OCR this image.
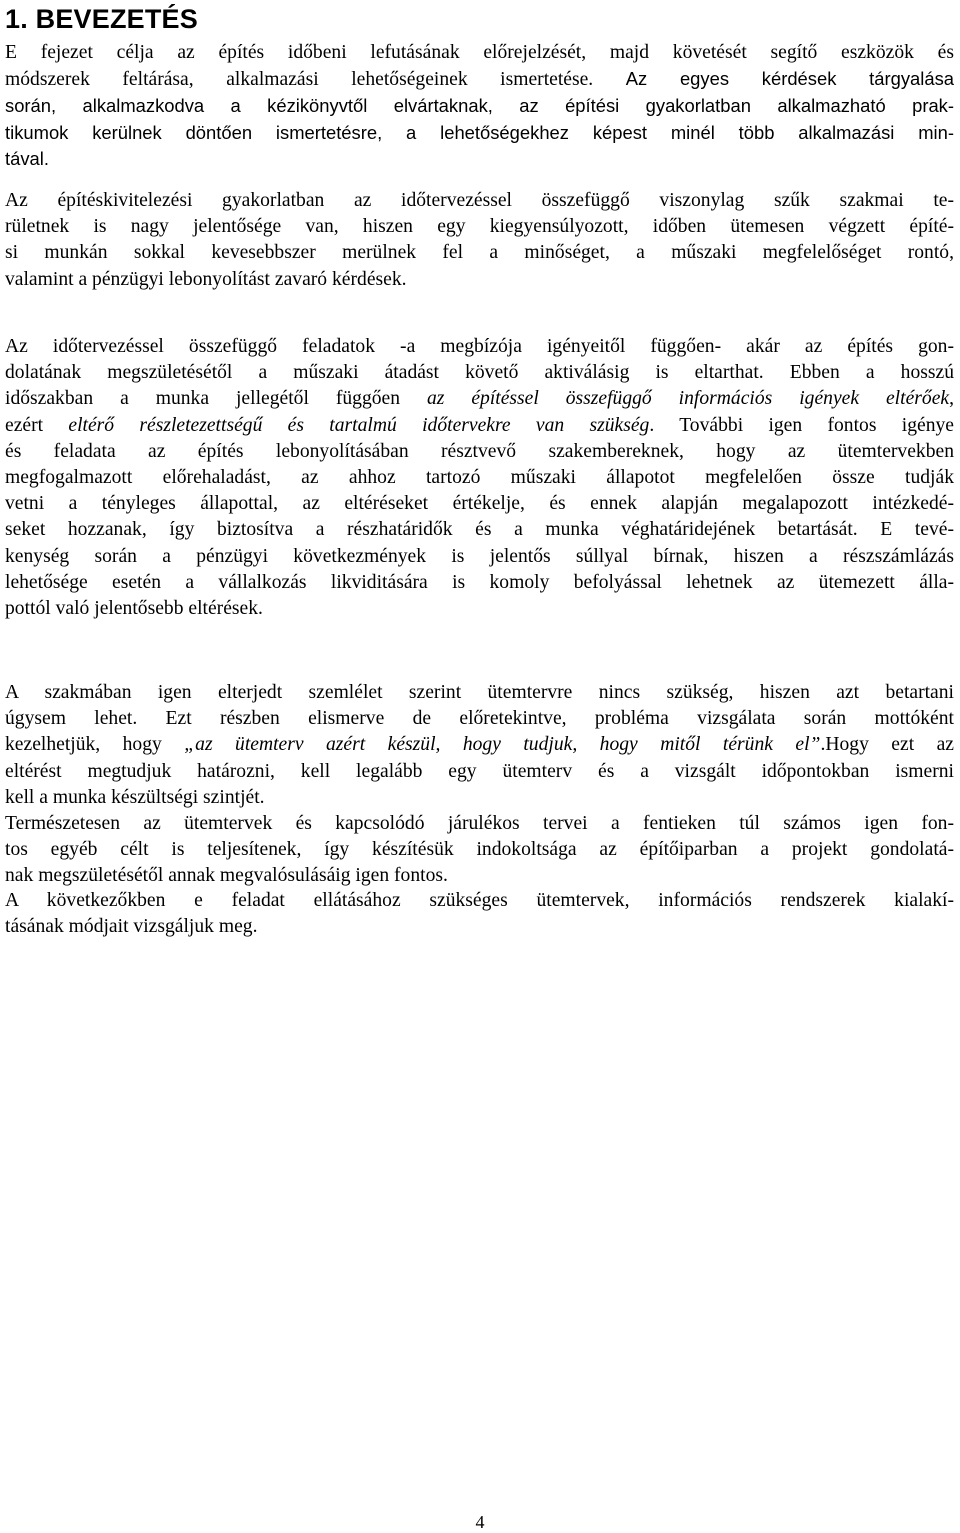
1. BEVEZETÉS
E fejezet célja az építés időbeni lefutásának előrejelzését, majd követését segítő eszközök és
módszerek feltárása, alkalmazási lehetőségeinek ismertetése. Az egyes kérdések tárgyalása
során, alkalmazkodva a kézikönyvtől elvártaknak, az építési gyakorlatban alkalmazható prak-
tikumok kerülnek döntően ismertetésre, a lehetőségekhez képest minél több alkalmazási min-
tával.
Az építéskivitelezési gyakorlatban az időtervezéssel összefüggő viszonylag szűk szakmai te-
rületnek is nagy jelentősége van, hiszen egy kiegyensúlyozott, időben ütemesen végzett építé-
si munkán sokkal kevesebbszer merülnek fel a minőséget, a műszaki megfelelőséget rontó,
valamint a pénzügyi lebonyolítást zavaró kérdések.
Az időtervezéssel összefüggő feladatok -a megbízója igényeitől függően- akár az építés gon-
dolatának megszületésétől a műszaki átadást követő aktiválásig is eltarthat. Ebben a hosszú
időszakban a munka jellegétől függően az építéssel összefüggő információs igények eltérőek,
ezért eltérő részletezettségű és tartalmú időtervekre van szükség. További igen fontos igénye
és feladata az építés lebonyolításában résztvevő szakembereknek, hogy az ütemtervekben
megfogalmazott előrehaladást, az ahhoz tartozó műszaki állapotot megfelelően össze tudják
vetni a tényleges állapottal, az eltéréseket értékelje, és ennek alapján megalapozott intézkedé-
seket hozzanak, így biztosítva a részhatáridők és a munka véghatáridejének betartását. E tevé-
kenység során a pénzügyi következmények is jelentős súllyal bírnak, hiszen a részszámlázás
lehetősége esetén a vállalkozás likviditására is komoly befolyással lehetnek az ütemezett álla-
pottól való jelentősebb eltérések.
A szakmában igen elterjedt szemlélet szerint ütemtervre nincs szükség, hiszen azt betartani
úgysem lehet. Ezt részben elismerve de előretekintve, probléma vizsgálata során mottóként
kezelhetjük, hogy „az ütemterv azért készül, hogy tudjuk, hogy mitől térünk el”.Hogy ezt az
eltérést megtudjuk határozni, kell legalább egy ütemterv és a vizsgált időpontokban ismerni
kell a munka készültségi szintjét.
Természetesen az ütemtervek és kapcsolódó járulékos tervei a fentieken túl számos igen fon-
tos egyéb célt is teljesítenek, így készítésük indokoltsága az építőiparban a projekt gondolatá-
nak megszületésétől annak megvalósulásáig igen fontos.
A következőkben e feladat ellátásához szükséges ütemtervek, információs rendszerek kialakí-
tásának módjait vizsgáljuk meg.
4
